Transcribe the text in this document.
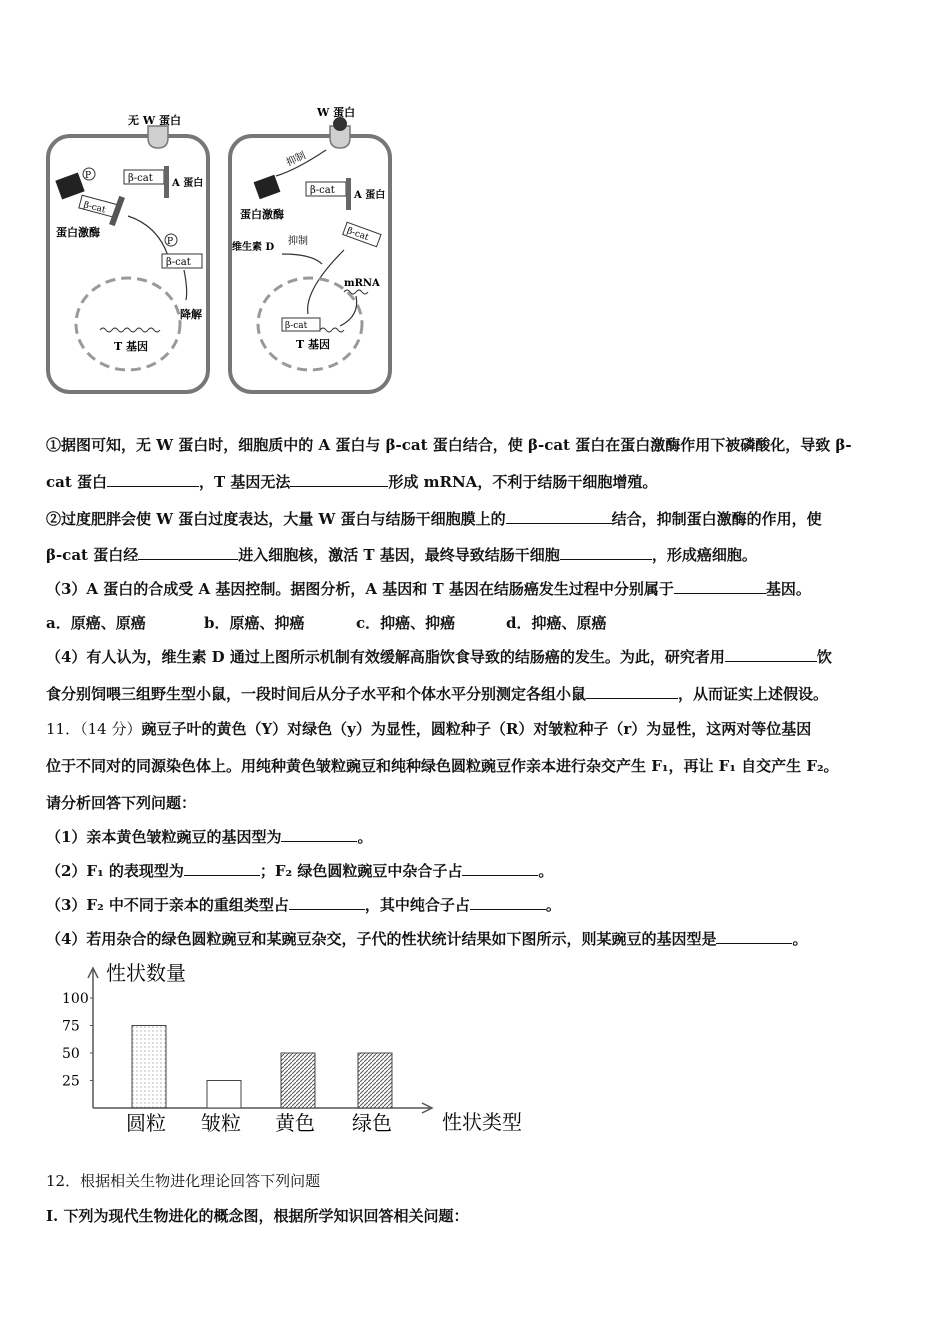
无 W 蛋白
P	β-cat A 蛋白
β-cat
蛋白激酶
P
β-cat
降解
T 基因
W 蛋白
抑制
蛋白激酶
β-cat A 蛋白
维生素 D
抑制	β-cat
mRNA
β-cat
T 基因
①据图可知，无 W 蛋白时，细胞质中的 A 蛋白与 β-cat 蛋白结合，使 β-cat 蛋白在蛋白激酶作用下被磷酸化，导致 β-
cat 蛋白	，T 基因无法	形成 mRNA，不利于结肠干细胞增殖。
②过度肥胖会使 W 蛋白过度表达，大量 W 蛋白与结肠干细胞膜上的	结合，抑制蛋白激酶的作用，使
β-cat 蛋白经	进入细胞核，激活 T 基因，最终导致结肠干细胞	，形成癌细胞。
（3）A 蛋白的合成受 A 基因控制。据图分析，A 基因和 T 基因在结肠癌发生过程中分别属于	基因。
a．原癌、原癌	b．原癌、抑癌	c．抑癌、抑癌	d．抑癌、原癌
（4）有人认为，维生素 D 通过上图所示机制有效缓解高脂饮食导致的结肠癌的发生。为此，研究者用	饮
食分别饲喂三组野生型小鼠，一段时间后从分子水平和个体水平分别测定各组小鼠	，从而证实上述假设。
11．（14 分）豌豆子叶的黄色（Y）对绿色（y）为显性，圆粒种子（R）对皱粒种子（r）为显性，这两对等位基因
位于不同对的同源染色体上。用纯种黄色皱粒豌豆和纯种绿色圆粒豌豆作亲本进行杂交产生 F₁，再让 F₁ 自交产生 F₂。
请分析回答下列问题：
（1）亲本黄色皱粒豌豆的基因型为	。
（2）F₁ 的表现型为	；F₂ 绿色圆粒豌豆中杂合子占	。
（3）F₂ 中不同于亲本的重组类型占	，其中纯合子占	。
（4）若用杂合的绿色圆粒豌豆和某豌豆杂交，子代的性状统计结果如下图所示，则某豌豆的基因型是	。
性状数量
性状类型
100
75
50
25
圆粒 皱粒 黄色 绿色
12．根据相关生物进化理论回答下列问题
I. 下列为现代生物进化的概念图，根据所学知识回答相关问题：
